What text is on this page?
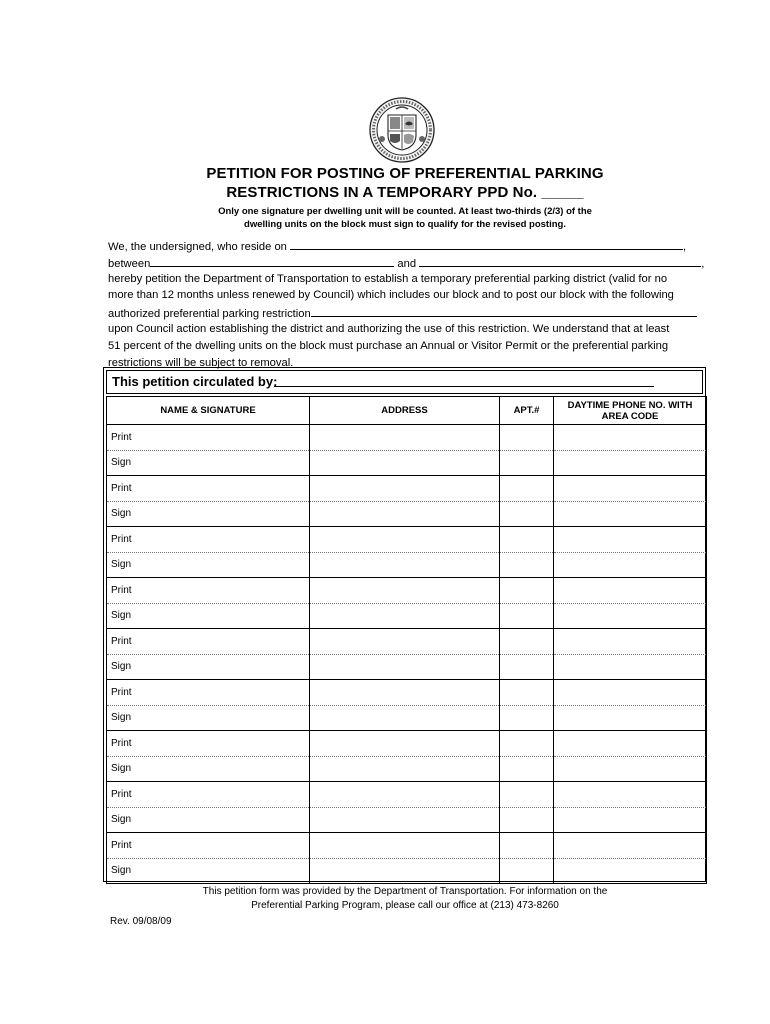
PETITION FOR POSTING OF PREFERENTIAL PARKING
RESTRICTIONS IN A TEMPORARY PPD No. _____
Only one signature per dwelling unit will be counted. At least two-thirds (2/3) of the
dwelling units on the block must sign to qualify for the revised posting.
We, the undersigned, who reside on	,
between	and	,
hereby petition the Department of Transportation to establish a temporary preferential parking district (valid for no
more than 12 months unless renewed by Council) which includes our block and to post our block with the following
authorized preferential parking restriction
upon Council action establishing the district and authorizing the use of this restriction. We understand that at least
51 percent of the dwelling units on the block must purchase an Annual or Visitor Permit or the preferential parking
restrictions will be subject to removal.
This petition circulated by:
NAME & SIGNATURE	ADDRESS	APT.#	DAYTIME PHONE NO. WITH AREA CODE
Print			
Sign			
Print			
Sign			
Print			
Sign			
Print			
Sign			
Print			
Sign			
Print			
Sign			
Print			
Sign			
Print			
Sign			
Print			
Sign			
This petition form was provided by the Department of Transportation. For information on the
Preferential Parking Program, please call our office at (213) 473-8260
Rev. 09/08/09
